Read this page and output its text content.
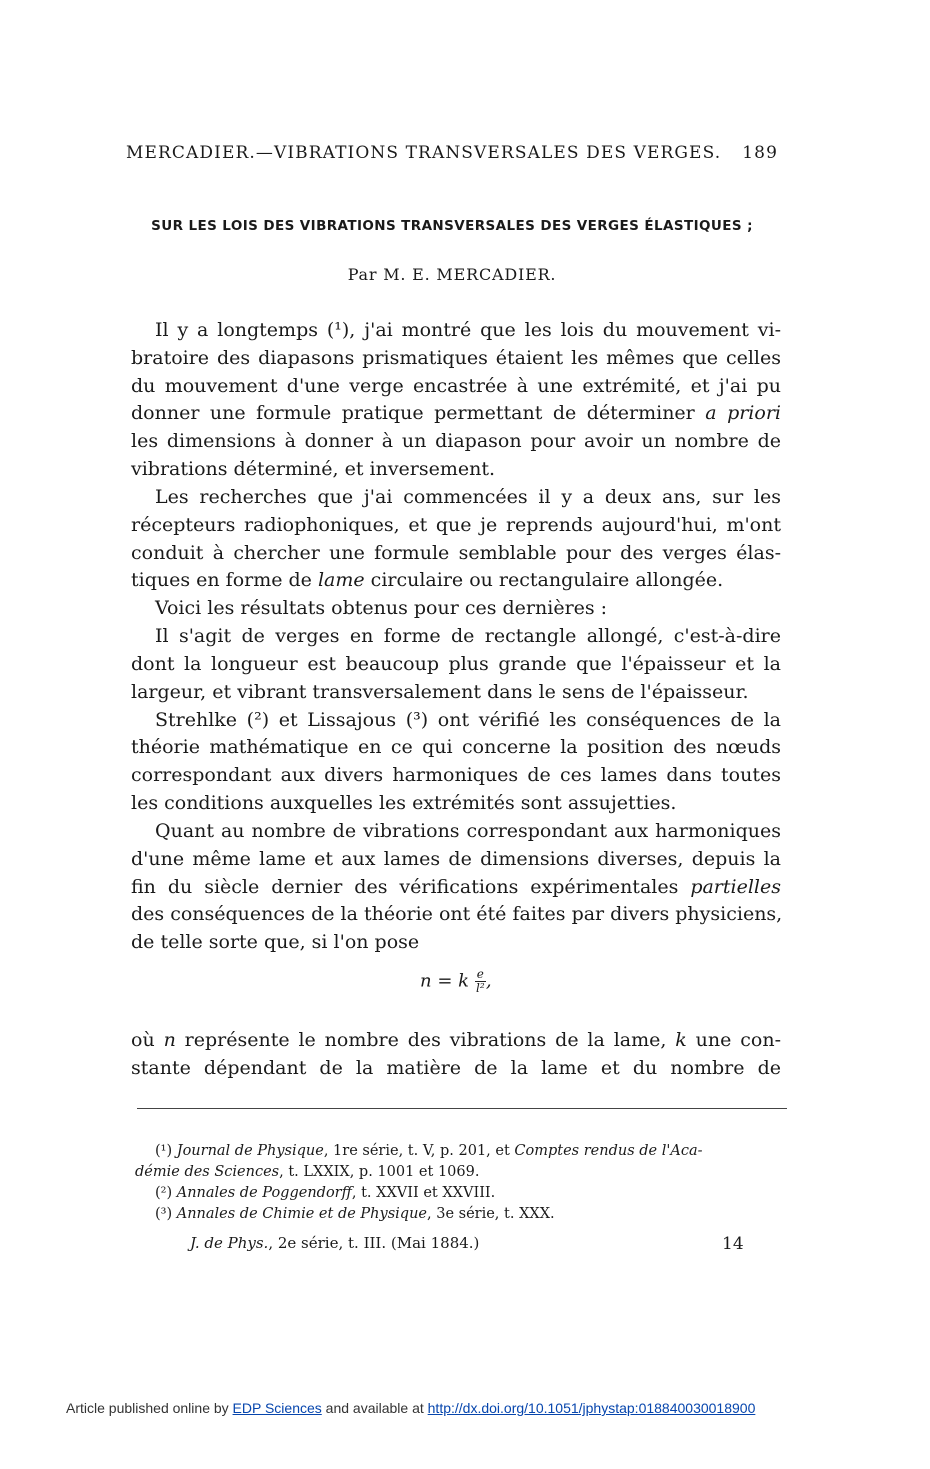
MERCADIER.—VIBRATIONS TRANSVERSALES DES VERGES. 189
SUR LES LOIS DES VIBRATIONS TRANSVERSALES DES VERGES ÉLASTIQUES ;
Par M. E. MERCADIER.
Il y a longtemps (¹), j'ai montré que les lois du mouvement vi-
bratoire des diapasons prismatiques étaient les mêmes que celles
du mouvement d'une verge encastrée à une extrémité, et j'ai pu
donner une formule pratique permettant de déterminer a priori
les dimensions à donner à un diapason pour avoir un nombre de
vibrations déterminé, et inversement.
Les recherches que j'ai commencées il y a deux ans, sur les
récepteurs radiophoniques, et que je reprends aujourd'hui, m'ont
conduit à chercher une formule semblable pour des verges élas-
tiques en forme de lame circulaire ou rectangulaire allongée.
Voici les résultats obtenus pour ces dernières :
Il s'agit de verges en forme de rectangle allongé, c'est-à-dire
dont la longueur est beaucoup plus grande que l'épaisseur et la
largeur, et vibrant transversalement dans le sens de l'épaisseur.
Strehlke (²) et Lissajous (³) ont vérifié les conséquences de la
théorie mathématique en ce qui concerne la position des nœuds
correspondant aux divers harmoniques de ces lames dans toutes
les conditions auxquelles les extrémités sont assujetties.
Quant au nombre de vibrations correspondant aux harmoniques
d'une même lame et aux lames de dimensions diverses, depuis la
fin du siècle dernier des vérifications expérimentales partielles
des conséquences de la théorie ont été faites par divers physiciens,
de telle sorte que, si l'on pose
n = k $\frac{e}{\text{l²}}$ ,
où n représente le nombre des vibrations de la lame, k une con-
stante dépendant de la matière de la lame et du nombre de
(¹) Journal de Physique, 1re série, t. V, p. 201, et Comptes rendus de l'Aca-
démie des Sciences, t. LXXIX, p. 1001 et 1069.
(²) Annales de Poggendorff, t. XXVII et XXVIII.
(³) Annales de Chimie et de Physique, 3e série, t. XXX.
J. de Phys., 2e série, t. III. (Mai 1884.)	14
Article published online by EDP Sciences and available at http://dx.doi.org/10.1051/jphystap:018840030018900
